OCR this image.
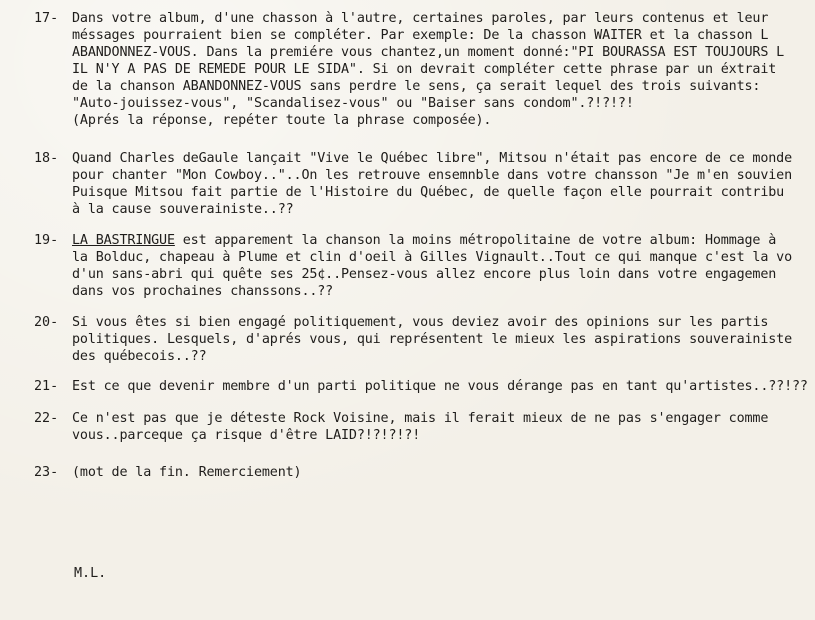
17-	Dans votre album, d'une chasson à l'autre, certaines paroles, par leurs contenus et leur
méssages pourraient bien se compléter. Par exemple: De la chasson WAITER et la chasson L
ABANDONNEZ-VOUS. Dans la premiére vous chantez,un moment donné:"PI BOURASSA EST TOUJOURS L
IL N'Y A PAS DE REMEDE POUR LE SIDA". Si on devrait compléter cette phrase par un éxtrait
de la chanson ABANDONNEZ-VOUS sans perdre le sens, ça serait lequel des trois suivants:
"Auto-jouissez-vous", "Scandalisez-vous" ou "Baiser sans condom".?!?!?!
(Aprés la réponse, repéter toute la phrase composée).
18-	Quand Charles deGaule lançait "Vive le Québec libre", Mitsou n'était pas encore de ce monde
pour chanter "Mon Cowboy.."..On les retrouve ensemnble dans votre chansson "Je m'en souvien
Puisque Mitsou fait partie de l'Histoire du Québec, de quelle façon elle pourrait contribu
à la cause souverainiste..??
19-	LA BASTRINGUE est apparement la chanson la moins métropolitaine de votre album: Hommage à
la Bolduc, chapeau à Plume et clin d'oeil à Gilles Vignault..Tout ce qui manque c'est la vo
d'un sans-abri qui quête ses 25¢..Pensez-vous allez encore plus loin dans votre engagemen
dans vos prochaines chanssons..??
20-	Si vous êtes si bien engagé politiquement, vous deviez avoir des opinions sur les partis
politiques. Lesquels, d'aprés vous, qui représentent le mieux les aspirations souverainiste
des québecois..??
21-	Est ce que devenir membre d'un parti politique ne vous dérange pas en tant qu'artistes..??!??
22-	Ce n'est pas que je déteste Rock Voisine, mais il ferait mieux de ne pas s'engager comme
vous..parceque ça risque d'être LAID?!?!?!?!
23-	(mot de la fin. Remerciement)
M.L.
